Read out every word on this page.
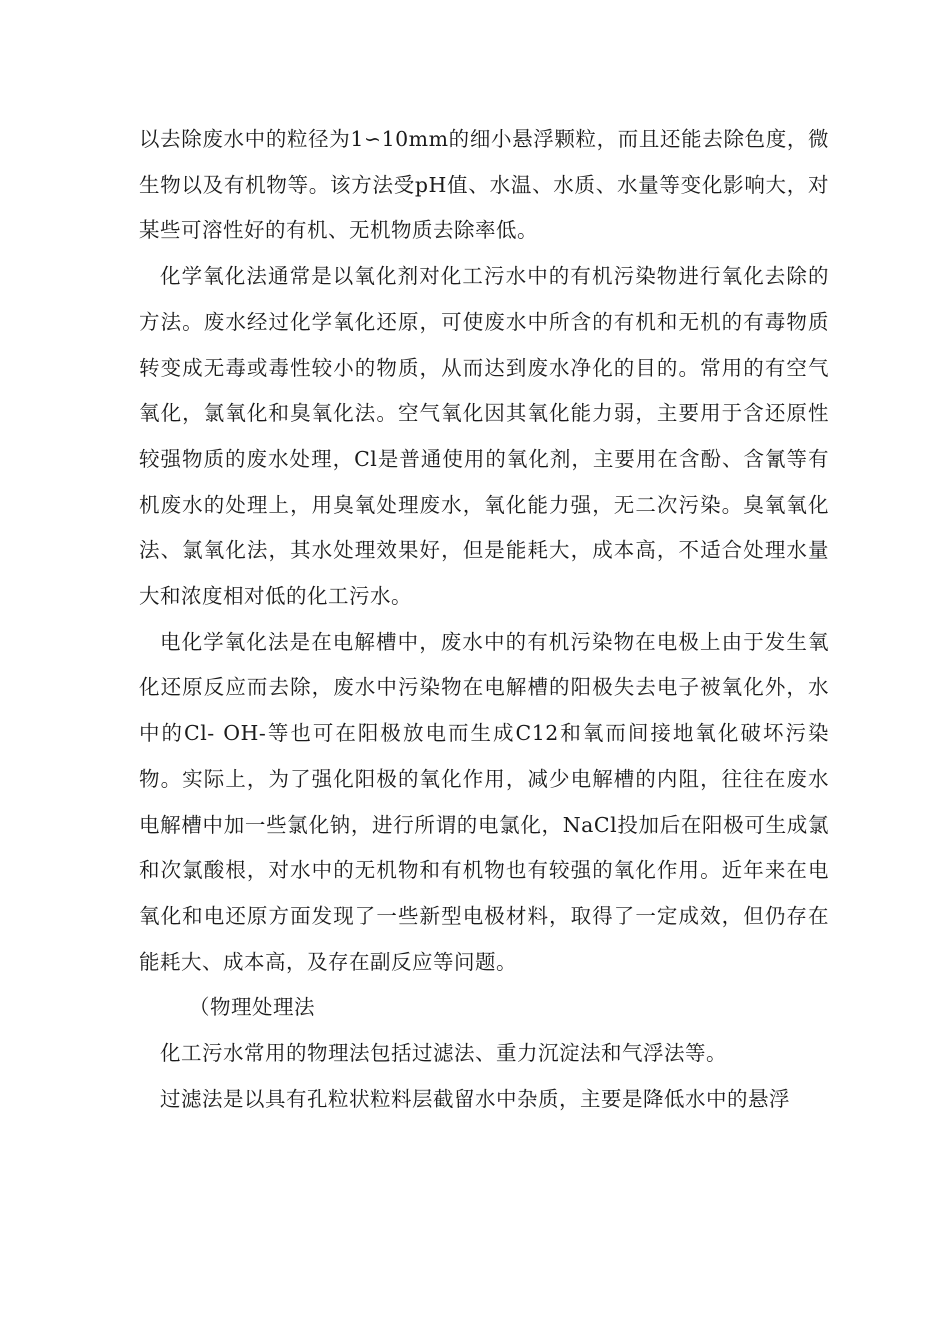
以去除废水中的粒径为1∽10mm的细小悬浮颗粒，而且还能去除色度，微生物以及有机物等。该方法受pH值、水温、水质、水量等变化影响大，对某些可溶性好的有机、无机物质去除率低。

化学氧化法通常是以氧化剂对化工污水中的有机污染物进行氧化去除的方法。废水经过化学氧化还原，可使废水中所含的有机和无机的有毒物质转变成无毒或毒性较小的物质，从而达到废水净化的目的。常用的有空气氧化，氯氧化和臭氧化法。空气氧化因其氧化能力弱，主要用于含还原性较强物质的废水处理，Cl是普通使用的氧化剂，主要用在含酚、含氰等有机废水的处理上，用臭氧处理废水，氧化能力强，无二次污染。臭氧氧化法、氯氧化法，其水处理效果好，但是能耗大，成本高，不适合处理水量大和浓度相对低的化工污水。

电化学氧化法是在电解槽中，废水中的有机污染物在电极上由于发生氧化还原反应而去除，废水中污染物在电解槽的阳极失去电子被氧化外，水中的Cl- OH-等也可在阳极放电而生成C12和氧而间接地氧化破坏污染物。实际上，为了强化阳极的氧化作用，减少电解槽的内阻，往往在废水电解槽中加一些氯化钠，进行所谓的电氯化，NaCl投加后在阳极可生成氯和次氯酸根，对水中的无机物和有机物也有较强的氧化作用。近年来在电氧化和电还原方面发现了一些新型电极材料，取得了一定成效，但仍存在能耗大、成本高，及存在副反应等问题。

（物理处理法

化工污水常用的物理法包括过滤法、重力沉淀法和气浮法等。

过滤法是以具有孔粒状粒料层截留水中杂质，主要是降低水中的悬浮
